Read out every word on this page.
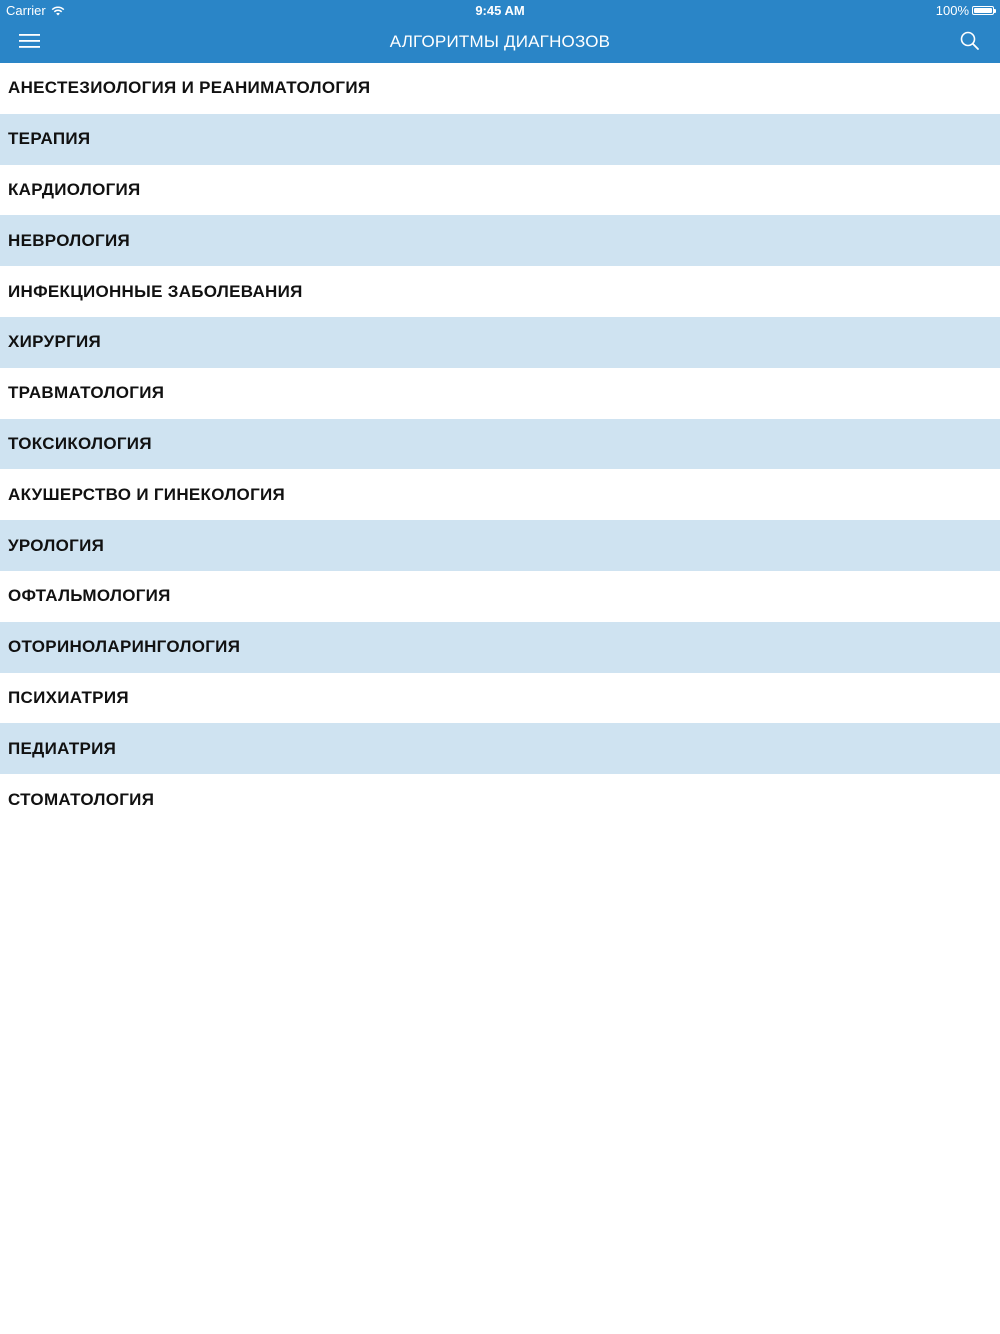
Carrier	9:45 AM	100%
АЛГОРИТМЫ ДИАГНОЗОВ
АНЕСТЕЗИОЛОГИЯ И РЕАНИМАТОЛОГИЯ
ТЕРАПИЯ
КАРДИОЛОГИЯ
НЕВРОЛОГИЯ
ИНФЕКЦИОННЫЕ ЗАБОЛЕВАНИЯ
ХИРУРГИЯ
ТРАВМАТОЛОГИЯ
ТОКСИКОЛОГИЯ
АКУШЕРСТВО И ГИНЕКОЛОГИЯ
УРОЛОГИЯ
ОФТАЛЬМОЛОГИЯ
ОТОРИНОЛАРИНГОЛОГИЯ
ПСИХИАТРИЯ
ПЕДИАТРИЯ
СТОМАТОЛОГИЯ
